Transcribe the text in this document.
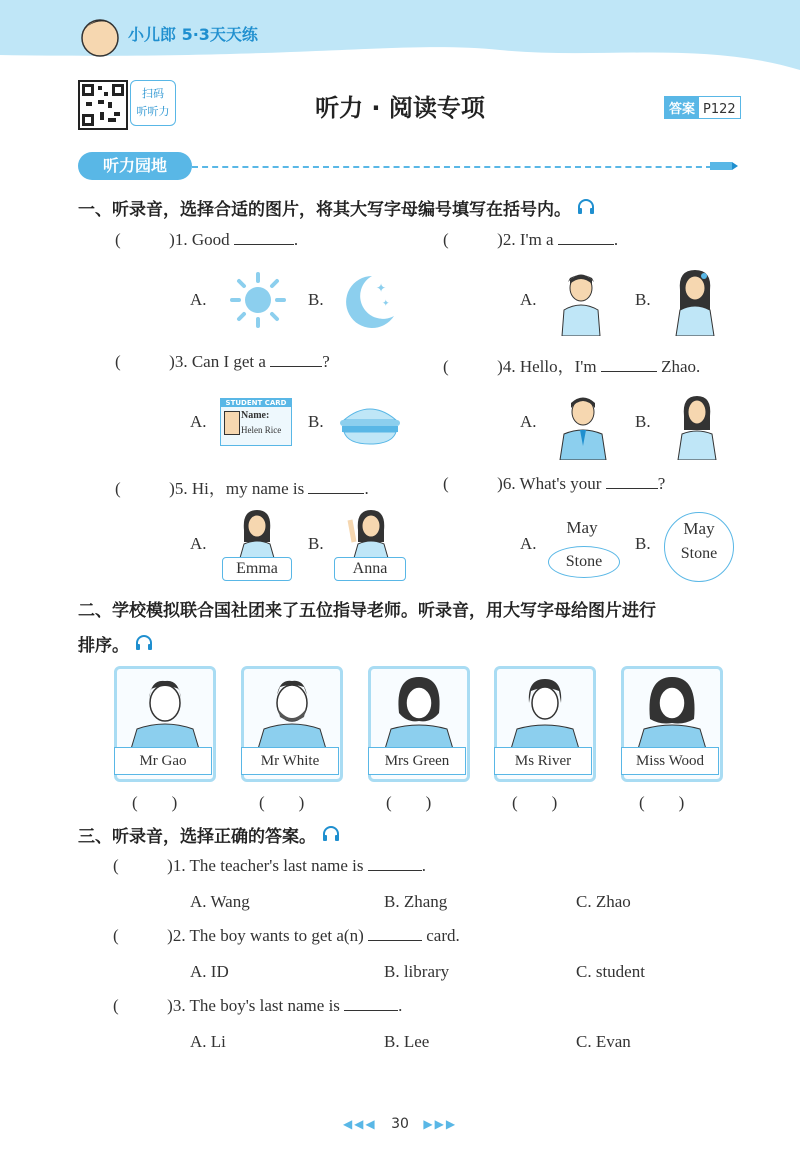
小儿郎 5·3天天练
扫码
听听力	听力 · 阅读专项	答案 P122
听力园地
一、听录音，选择合适的图片，将其大写字母编号填写在括号内。
(	)1. Good	.	(	)2. I'm a	.
A.	B.
✦
✦	A.	B.
(	)3. Can I get a	?	(	)4. Hello，I'm	Zhao.
A.
STUDENT CARD
Name:
Helen Rice B.	A.	B.
(	)5. Hi，my name is	.	(	)6. What's your	?
A.
Emma
B.
Anna
A.
May
Stone
B.
May
Stone
二、学校模拟联合国社团来了五位指导老师。听录音，用大写字母给图片进行
排序。
Mr Gao	Mr White	Mrs Green	Ms River	Miss Wood
(　　)	(　　)	(　　)	(　　)	(　　)
三、听录音，选择正确的答案。
(	)1. The teacher's last name is	.
A. Wang	B. Zhang	C. Zhao
(	)2. The boy wants to get a(n)	card.
A. ID	B. library	C. student
(	)3. The boy's last name is	.
A. Li	B. Lee	C. Evan
◀◀◀ 30 ▶▶▶
